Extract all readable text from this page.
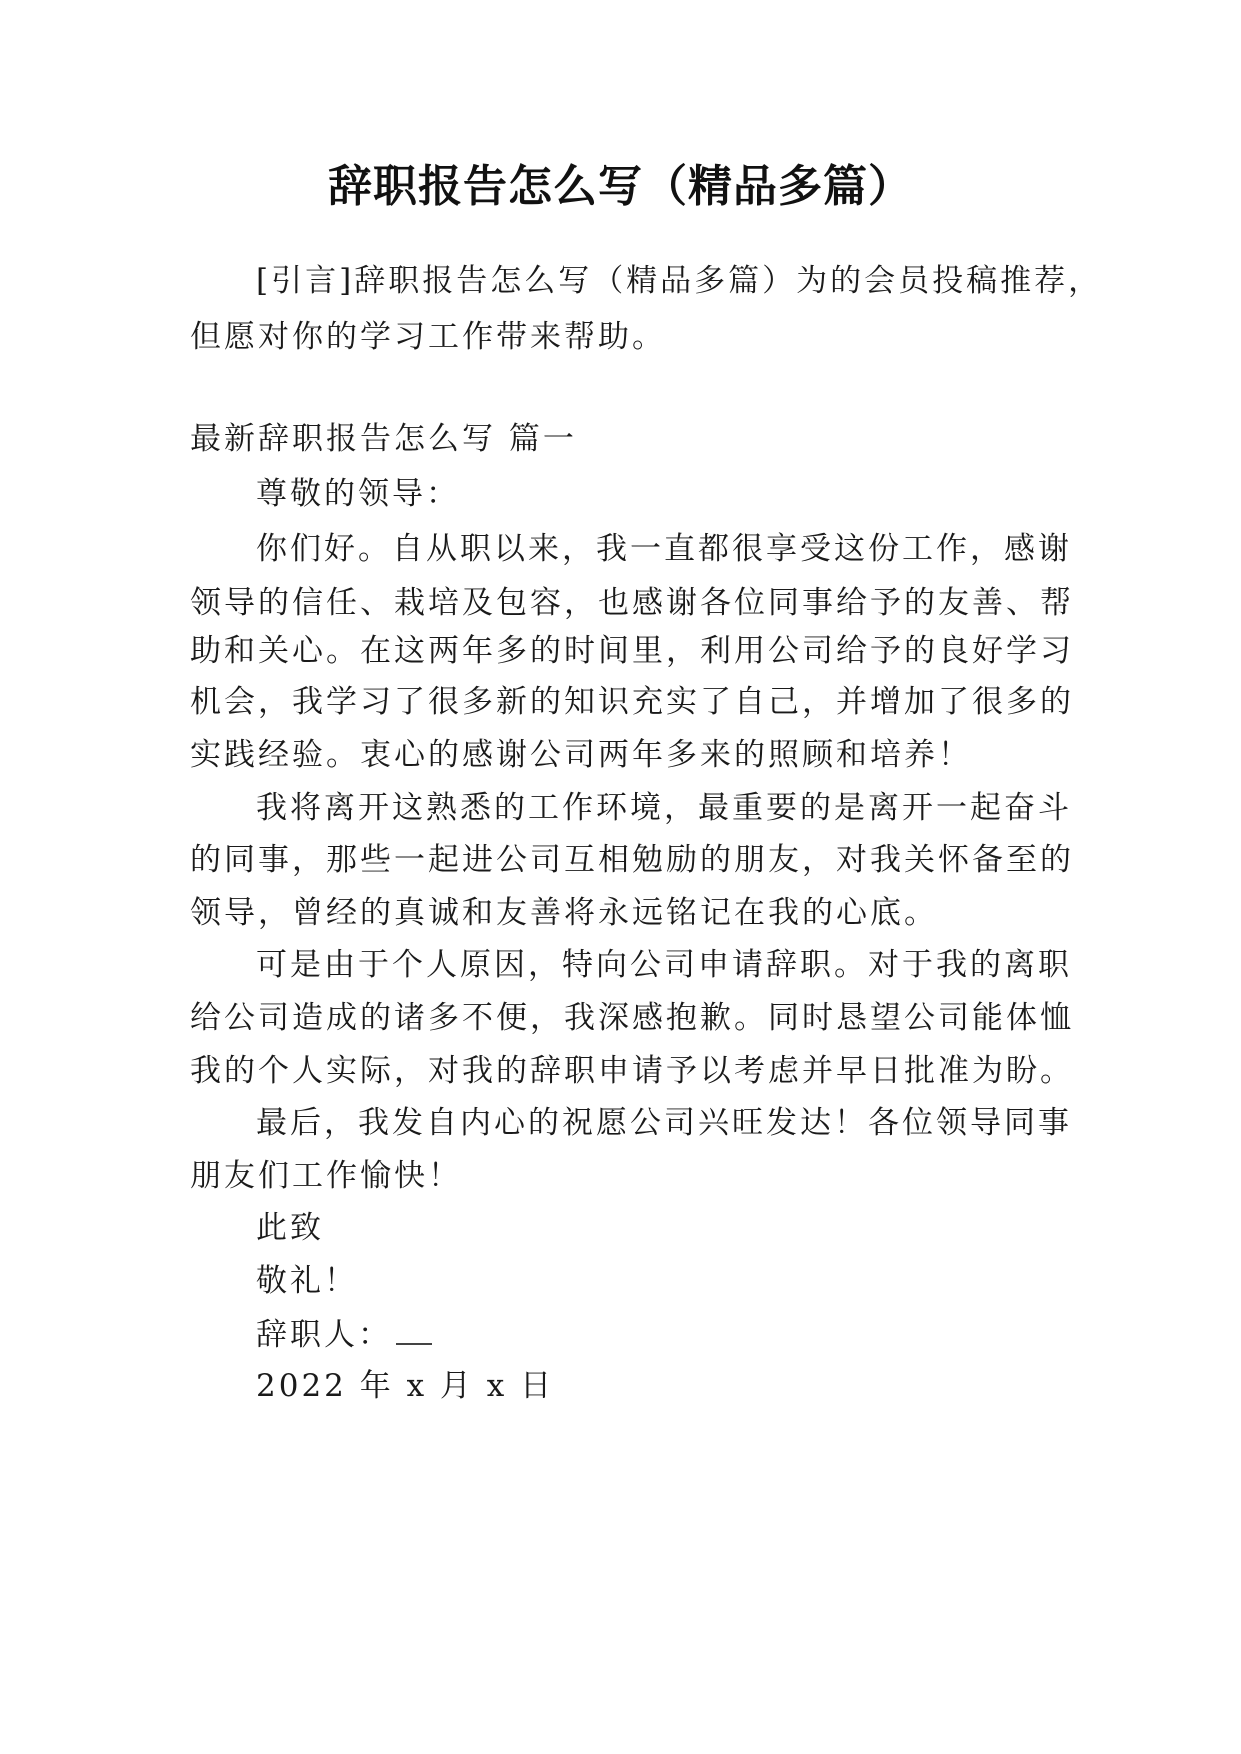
辞职报告怎么写（精品多篇）
[引言]辞职报告怎么写（精品多篇）为的会员投稿推荐，
但愿对你的学习工作带来帮助。
最新辞职报告怎么写 篇一
尊敬的领导：
你们好。自从职以来，我一直都很享受这份工作，感谢
领导的信任、栽培及包容，也感谢各位同事给予的友善、帮
助和关心。在这两年多的时间里，利用公司给予的良好学习
机会，我学习了很多新的知识充实了自己，并增加了很多的
实践经验。衷心的感谢公司两年多来的照顾和培养！
我将离开这熟悉的工作环境，最重要的是离开一起奋斗
的同事，那些一起进公司互相勉励的朋友，对我关怀备至的
领导，曾经的真诚和友善将永远铭记在我的心底。
可是由于个人原因，特向公司申请辞职。对于我的离职
给公司造成的诸多不便，我深感抱歉。同时恳望公司能体恤
我的个人实际，对我的辞职申请予以考虑并早日批准为盼。
最后，我发自内心的祝愿公司兴旺发达！各位领导同事
朋友们工作愉快！
此致
敬礼！
辞职人：
2022 年 x 月 x 日
